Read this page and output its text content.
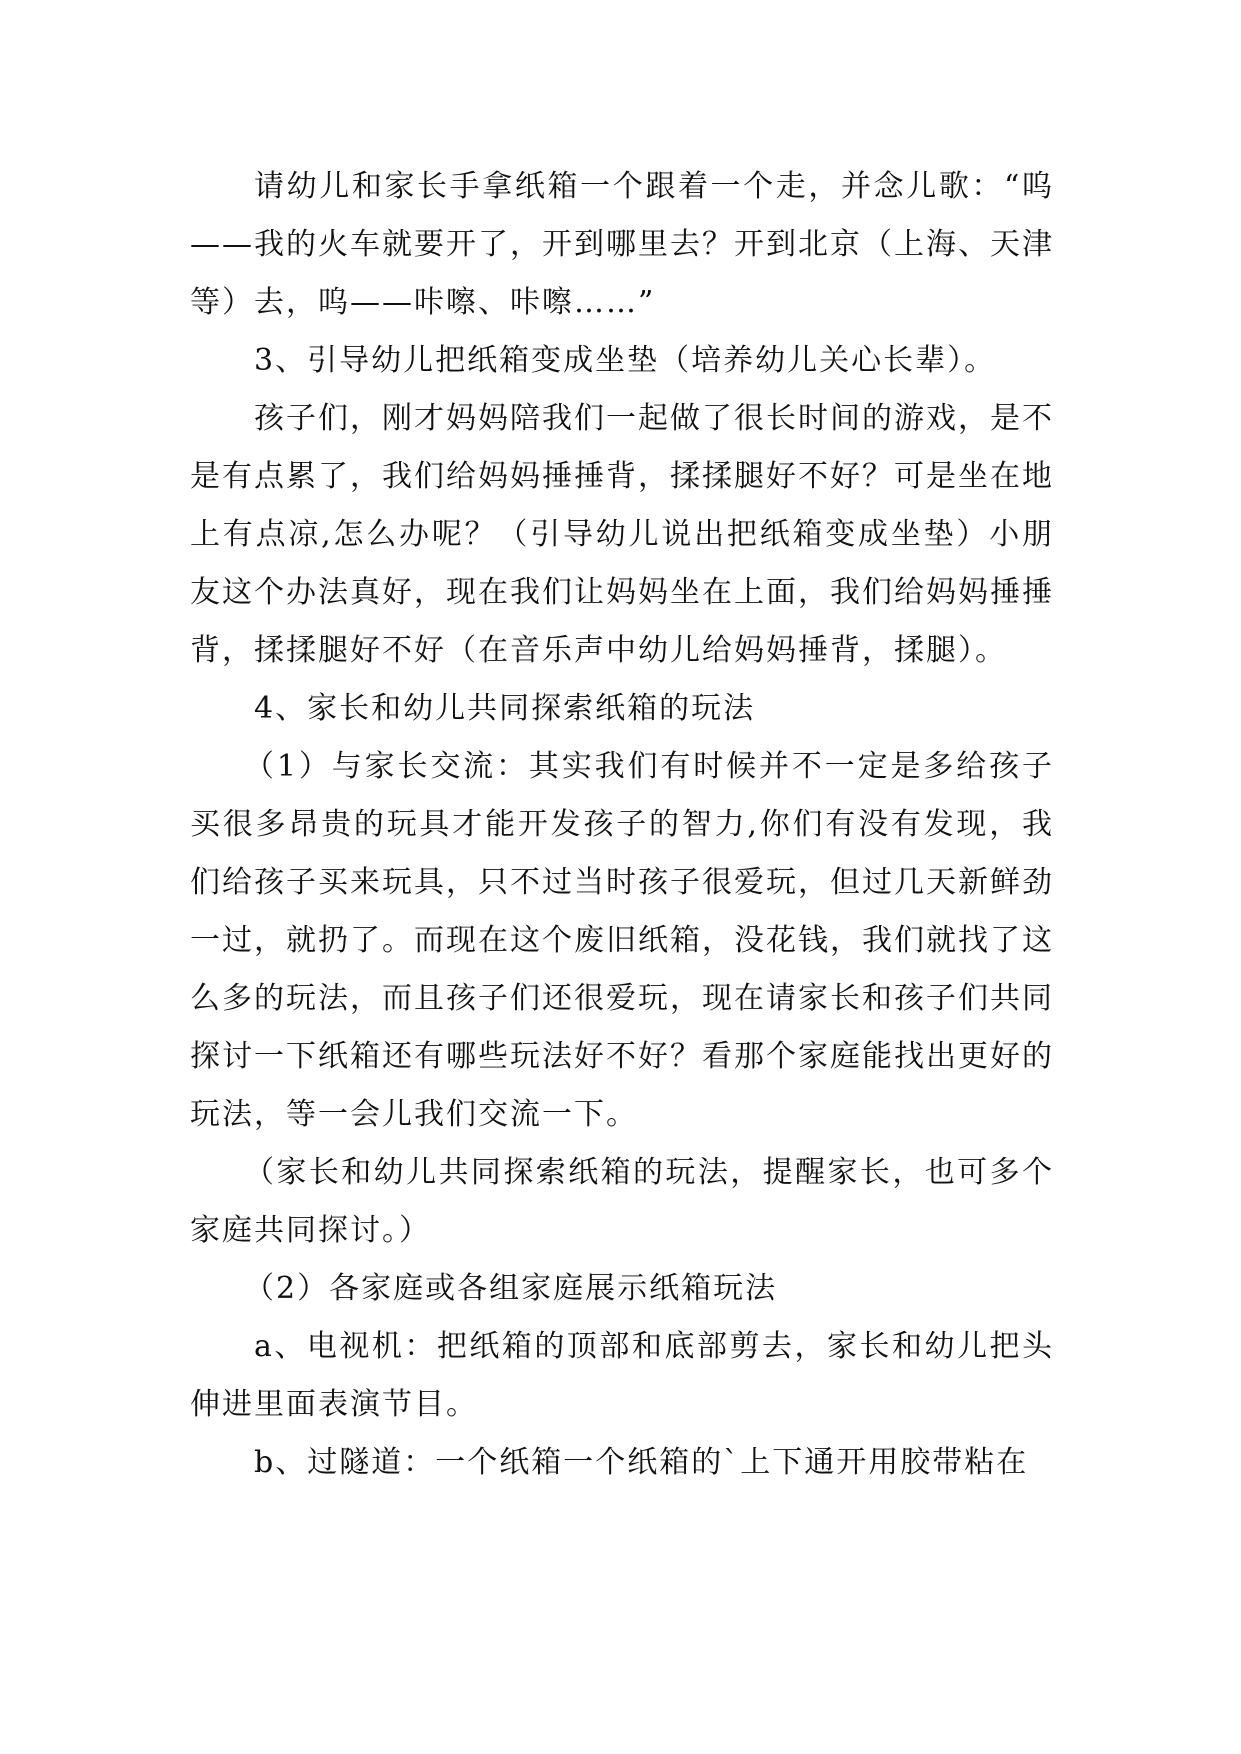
请幼儿和家长手拿纸箱一个跟着一个走，并念儿歌：“呜——我的火车就要开了，开到哪里去？开到北京（上海、天津等）去，呜——咔嚓、咔嚓……”

3、引导幼儿把纸箱变成坐垫（培养幼儿关心长辈）。

孩子们，刚才妈妈陪我们一起做了很长时间的游戏，是不是有点累了，我们给妈妈捶捶背，揉揉腿好不好？可是坐在地上有点凉,怎么办呢？（引导幼儿说出把纸箱变成坐垫）小朋友这个办法真好，现在我们让妈妈坐在上面，我们给妈妈捶捶背，揉揉腿好不好（在音乐声中幼儿给妈妈捶背，揉腿）。

4、家长和幼儿共同探索纸箱的玩法

（1）与家长交流：其实我们有时候并不一定是多给孩子买很多昂贵的玩具才能开发孩子的智力,你们有没有发现，我们给孩子买来玩具，只不过当时孩子很爱玩，但过几天新鲜劲一过，就扔了。而现在这个废旧纸箱，没花钱，我们就找了这么多的玩法，而且孩子们还很爱玩，现在请家长和孩子们共同探讨一下纸箱还有哪些玩法好不好？看那个家庭能找出更好的玩法，等一会儿我们交流一下。

（家长和幼儿共同探索纸箱的玩法，提醒家长，也可多个家庭共同探讨。）

（2）各家庭或各组家庭展示纸箱玩法

a、电视机：把纸箱的顶部和底部剪去，家长和幼儿把头伸进里面表演节目。

b、过隧道：一个纸箱一个纸箱的`上下通开用胶带粘在
